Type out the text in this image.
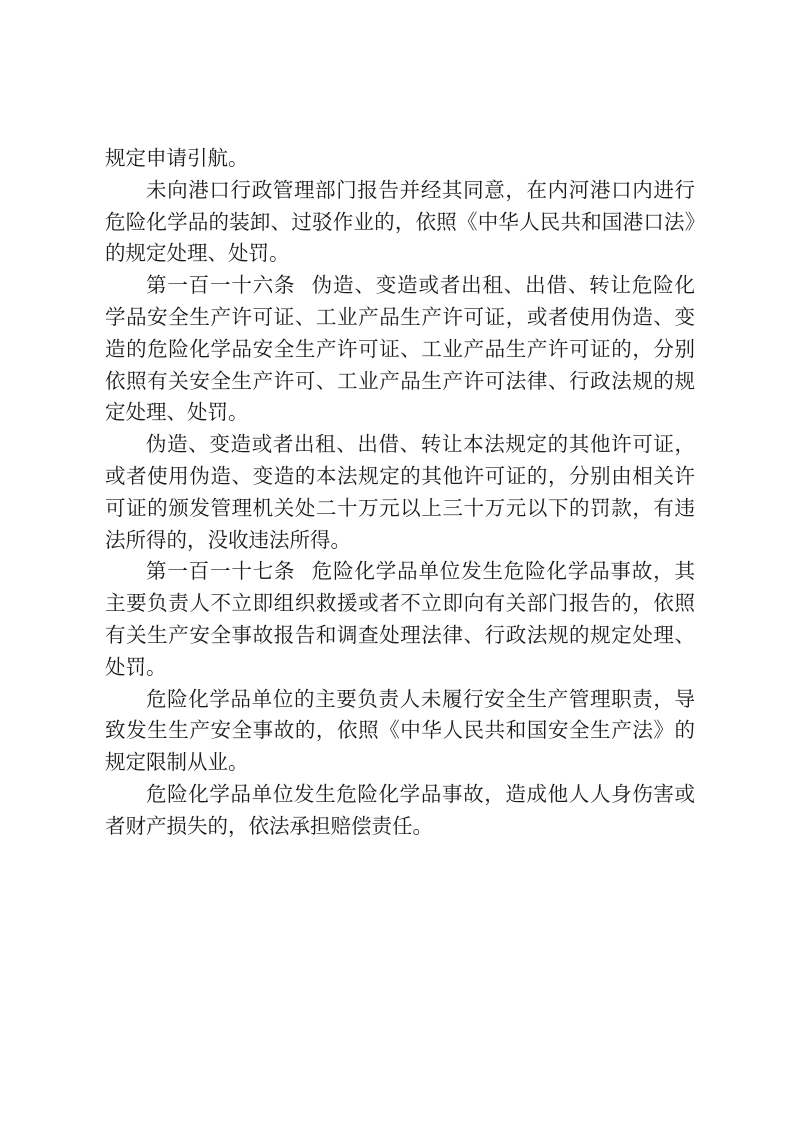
规定申请引航。

未向港口行政管理部门报告并经其同意，在内河港口内进行危险化学品的装卸、过驳作业的，依照《中华人民共和国港口法》的规定处理、处罚。

第一百一十六条 伪造、变造或者出租、出借、转让危险化学品安全生产许可证、工业产品生产许可证，或者使用伪造、变造的危险化学品安全生产许可证、工业产品生产许可证的，分别依照有关安全生产许可、工业产品生产许可法律、行政法规的规定处理、处罚。

伪造、变造或者出租、出借、转让本法规定的其他许可证，或者使用伪造、变造的本法规定的其他许可证的，分别由相关许可证的颁发管理机关处二十万元以上三十万元以下的罚款，有违法所得的，没收违法所得。

第一百一十七条 危险化学品单位发生危险化学品事故，其主要负责人不立即组织救援或者不立即向有关部门报告的，依照有关生产安全事故报告和调查处理法律、行政法规的规定处理、处罚。

危险化学品单位的主要负责人未履行安全生产管理职责，导致发生生产安全事故的，依照《中华人民共和国安全生产法》的规定限制从业。

危险化学品单位发生危险化学品事故，造成他人人身伤害或者财产损失的，依法承担赔偿责任。
